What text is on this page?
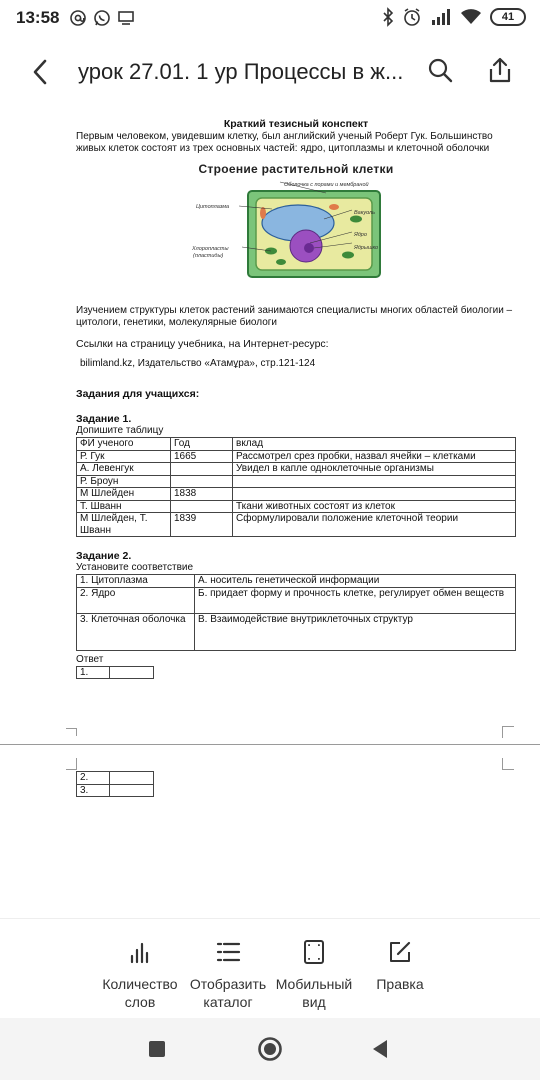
13:58	41
урок 27.01. 1 ур Процессы в ж...
Краткий тезисный конспект
Первым человеком, увидевшим клетку, был английский ученый Роберт Гук. Большинство живых клеток состоят из трех основных частей: ядро, цитоплазмы и клеточной оболочки
Строение растительной клетки
Оболочка с порами и мембраной
Цитоплазма
Вакуоль
Ядро
Хлоропласты
(пластиды)
Ядрышко
Изучением структуры клеток растений занимаются специалисты многих областей биологии – цитологи, генетики, молекулярные биологи
Ссылки на страницу учебника, на Интернет-ресурс:
bilimland.kz, Издательство «Атамұра», стр.121-124
Задания для учащихся:
Задание 1.
Допишите таблицу
ФИ ученого	Год	вклад
Р. Гук	1665	Рассмотрел срез пробки, назвал ячейки – клетками
А. Левенгук		Увидел в капле одноклеточные организмы
Р. Броун		
М Шлейден	1838	
Т. Шванн		Ткани животных состоят из клеток
М Шлейден, Т. Шванн	1839	Сформулировали положение клеточной теории
Задание 2.
Установите соответствие
1. Цитоплазма	А. носитель генетической информации
2. Ядро	Б. придает форму и прочность клетке, регулирует обмен веществ
3. Клеточная оболочка	В. Взаимодействие внутриклеточных структур
Ответ
1.	
2.	
3.	
Количество
слов
Отобразить
каталог
Мобильный
вид
Правка
